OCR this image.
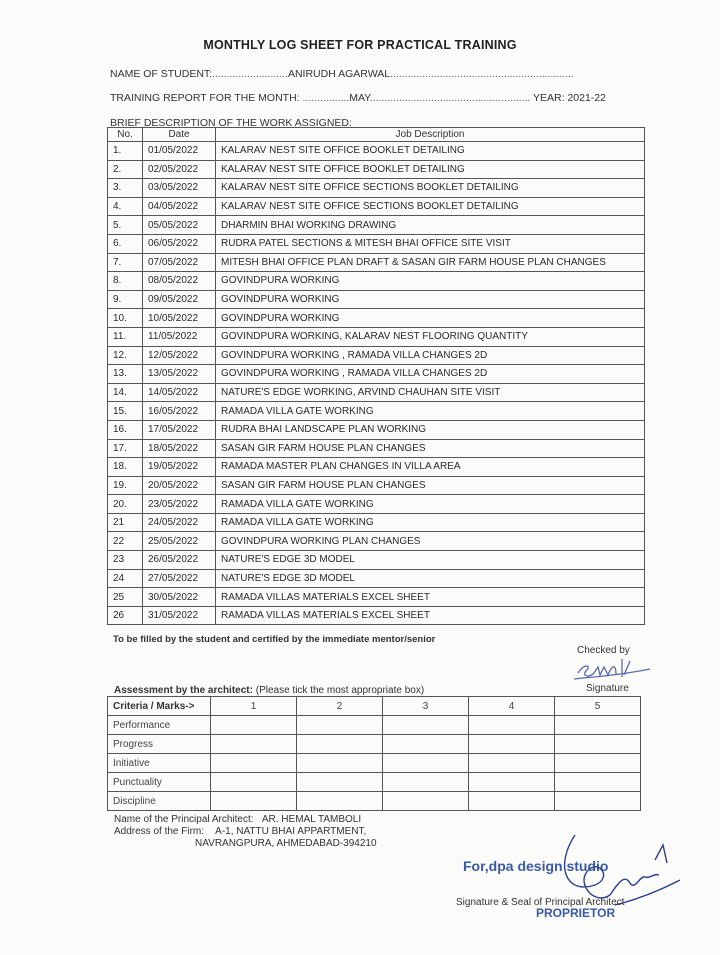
MONTHLY LOG SHEET FOR PRACTICAL TRAINING
NAME OF STUDENT:..........................ANIRUDH AGARWAL...............................................................
TRAINING REPORT FOR THE MONTH: ................MAY....................................................... YEAR: 2021-22
BRIEF DESCRIPTION OF THE WORK ASSIGNED:
No.	Date	Job Description
1.	01/05/2022	KALARAV NEST SITE OFFICE BOOKLET DETAILING
2.	02/05/2022	KALARAV NEST SITE OFFICE BOOKLET DETAILING
3.	03/05/2022	KALARAV NEST SITE OFFICE SECTIONS BOOKLET DETAILING
4.	04/05/2022	KALARAV NEST SITE OFFICE SECTIONS BOOKLET DETAILING
5.	05/05/2022	DHARMIN BHAI WORKING DRAWING
6.	06/05/2022	RUDRA PATEL SECTIONS & MITESH BHAI OFFICE SITE VISIT
7.	07/05/2022	MITESH BHAI OFFICE PLAN DRAFT & SASAN GIR FARM HOUSE PLAN CHANGES
8.	08/05/2022	GOVINDPURA WORKING
9.	09/05/2022	GOVINDPURA WORKING
10.	10/05/2022	GOVINDPURA WORKING
11.	11/05/2022	GOVINDPURA WORKING, KALARAV NEST FLOORING QUANTITY
12.	12/05/2022	GOVINDPURA WORKING , RAMADA VILLA CHANGES 2D
13.	13/05/2022	GOVINDPURA WORKING , RAMADA VILLA CHANGES 2D
14.	14/05/2022	NATURE'S EDGE WORKING, ARVIND CHAUHAN SITE VISIT
15.	16/05/2022	RAMADA VILLA GATE WORKING
16.	17/05/2022	RUDRA BHAI LANDSCAPE PLAN WORKING
17.	18/05/2022	SASAN GIR FARM HOUSE PLAN CHANGES
18.	19/05/2022	RAMADA MASTER PLAN CHANGES IN VILLA AREA
19.	20/05/2022	SASAN GIR FARM HOUSE PLAN CHANGES
20.	23/05/2022	RAMADA VILLA GATE WORKING
21	24/05/2022	RAMADA VILLA GATE WORKING
22	25/05/2022	GOVINDPURA WORKING PLAN CHANGES
23	26/05/2022	NATURE'S EDGE 3D MODEL
24	27/05/2022	NATURE'S EDGE 3D MODEL
25	30/05/2022	RAMADA VILLAS MATERIALS EXCEL SHEET
26	31/05/2022	RAMADA VILLAS MATERIALS EXCEL SHEET
To be filled by the student and certified by the immediate mentor/senior
Checked by
Signature
Assessment by the architect: (Please tick the most appropriate box)
Criteria / Marks->	1	2	3	4	5
Performance					
Progress					
Initiative					
Punctuality					
Discipline					
Name of the Principal Architect: AR. HEMAL TAMBOLI
Address of the Firm: A-1, NATTU BHAI APPARTMENT,
NAVRANGPURA, AHMEDABAD-394210
For,dpa design studio
Signature & Seal of Principal Architect
PROPRIETOR
